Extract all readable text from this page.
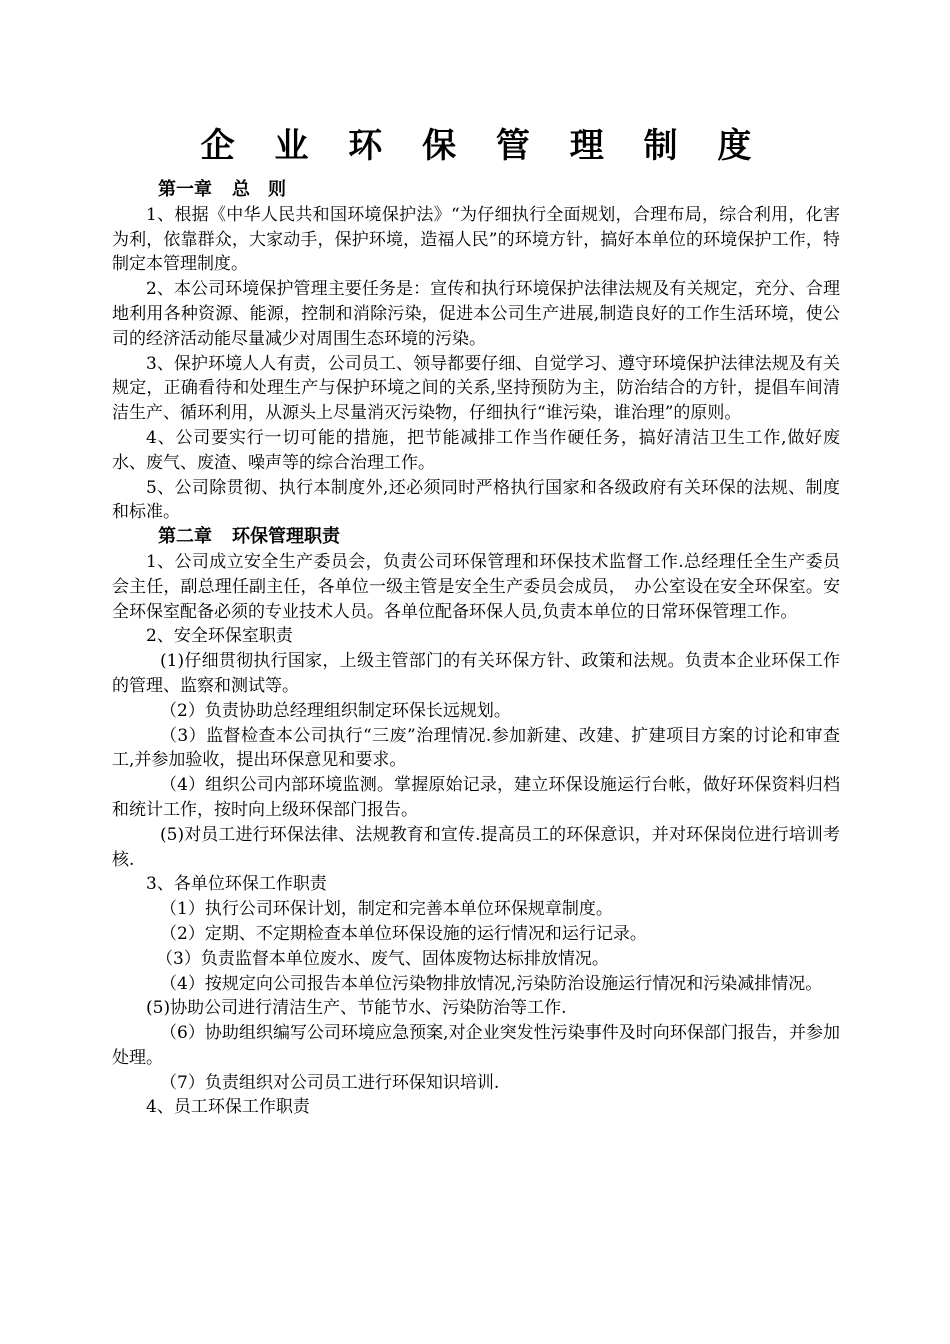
企 业 环 保 管 理 制 度
第一章 总　则

1、根据《中华人民共和国环境保护法》“为仔细执行全面规划，合理布局，综合利用，化害为利，依靠群众，大家动手，保护环境，造福人民”的环境方针，搞好本单位的环境保护工作，特制定本管理制度。

2、本公司环境保护管理主要任务是：宣传和执行环境保护法律法规及有关规定，充分、合理地利用各种资源、能源，控制和消除污染，促进本公司生产进展,制造良好的工作生活环境，使公司的经济活动能尽量减少对周围生态环境的污染。

3、保护环境人人有责，公司员工、领导都要仔细、自觉学习、遵守环境保护法律法规及有关规定，正确看待和处理生产与保护环境之间的关系,坚持预防为主，防治结合的方针，提倡车间清洁生产、循环利用，从源头上尽量消灭污染物，仔细执行“谁污染，谁治理”的原则。

4、公司要实行一切可能的措施，把节能减排工作当作硬任务，搞好清洁卫生工作,做好废水、废气、废渣、噪声等的综合治理工作。

5、公司除贯彻、执行本制度外,还必须同时严格执行国家和各级政府有关环保的法规、制度和标准。

第二章 环保管理职责

1、公司成立安全生产委员会，负责公司环保管理和环保技术监督工作.总经理任全生产委员会主任，副总理任副主任，各单位一级主管是安全生产委员会成员，　办公室设在安全环保室。安全环保室配备必须的专业技术人员。各单位配备环保人员,负责本单位的日常环保管理工作。

2、安全环保室职责

(1)仔细贯彻执行国家，上级主管部门的有关环保方针、政策和法规。负责本企业环保工作的管理、监察和测试等。

（2）负责协助总经理组织制定环保长远规划。

（3）监督检查本公司执行“三废”治理情况.参加新建、改建、扩建项目方案的讨论和审查工,并参加验收，提出环保意见和要求。

（4）组织公司内部环境监测。掌握原始记录，建立环保设施运行台帐，做好环保资料归档和统计工作，按时向上级环保部门报告。

(5)对员工进行环保法律、法规教育和宣传.提高员工的环保意识，并对环保岗位进行培训考核.

3、各单位环保工作职责

（1）执行公司环保计划，制定和完善本单位环保规章制度。

（2）定期、不定期检查本单位环保设施的运行情况和运行记录。

（3）负责监督本单位废水、废气、固体废物达标排放情况。

（4）按规定向公司报告本单位污染物排放情况,污染防治设施运行情况和污染减排情况。

(5)协助公司进行清洁生产、节能节水、污染防治等工作.

（6）协助组织编写公司环境应急预案,对企业突发性污染事件及时向环保部门报告，并参加处理。

（7）负责组织对公司员工进行环保知识培训.

4、员工环保工作职责
